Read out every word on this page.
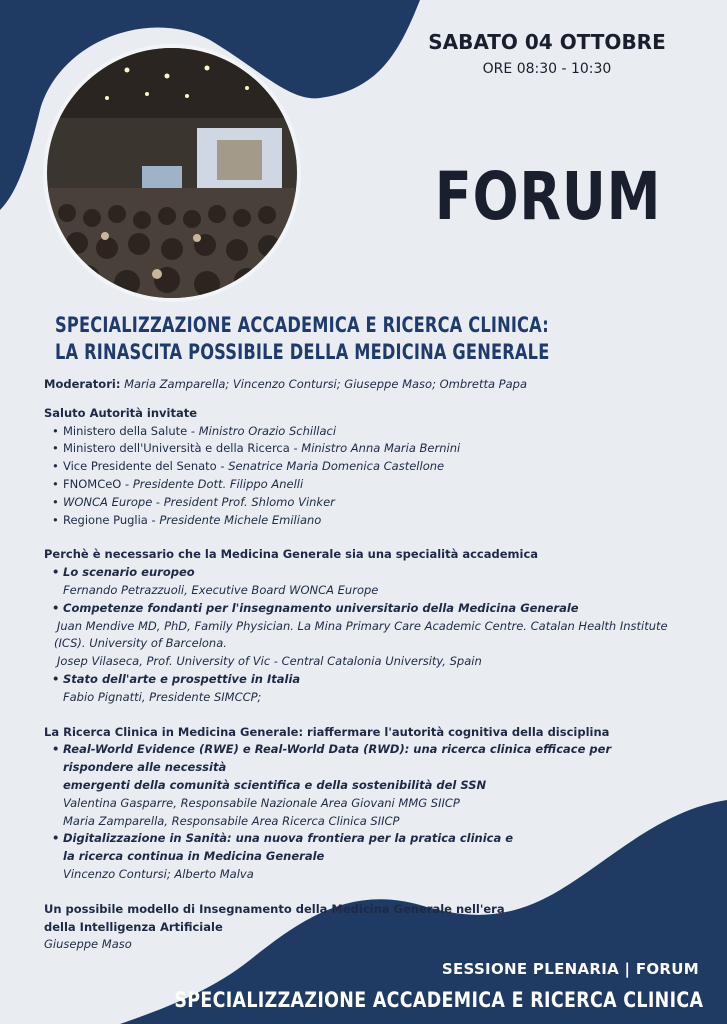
SABATO 04 OTTOBRE
ORE 08:30 - 10:30
FORUM
SPECIALIZZAZIONE ACCADEMICA E RICERCA CLINICA:
LA RINASCITA POSSIBILE DELLA MEDICINA GENERALE

Moderatori: Maria Zamparella; Vincenzo Contursi; Giuseppe Maso; Ombretta Papa

Saluto Autorità invitate

• Ministero della Salute - Ministro Orazio Schillaci
• Ministero dell'Università e della Ricerca - Ministro Anna Maria Bernini
• Vice Presidente del Senato - Senatrice Maria Domenica Castellone
• FNOMCeO - Presidente Dott. Filippo Anelli
• WONCA Europe - President Prof. Shlomo Vinker
• Regione Puglia - Presidente Michele Emiliano

Perchè è necessario che la Medicina Generale sia una specialità accademica

• Lo scenario europeo
Fernando Petrazzuoli, Executive Board WONCA Europe
• Competenze fondanti per l'insegnamento universitario della Medicina Generale
Juan Mendive MD, PhD, Family Physician. La Mina Primary Care Academic Centre. Catalan Health Institute
(ICS). University of Barcelona.
Josep Vilaseca, Prof. University of Vic - Central Catalonia University, Spain
• Stato dell'arte e prospettive in Italia
Fabio Pignatti, Presidente SIMCCP;

La Ricerca Clinica in Medicina Generale: riaffermare l'autorità cognitiva della disciplina

• Real-World Evidence (RWE) e Real-World Data (RWD): una ricerca clinica efficace per rispondere alle necessità
emergenti della comunità scientifica e della sostenibilità del SSN
Valentina Gasparre, Responsabile Nazionale Area Giovani MMG SIICP
Maria Zamparella, Responsabile Area Ricerca Clinica SIICP
• Digitalizzazione in Sanità: una nuova frontiera per la pratica clinica e
la ricerca continua in Medicina Generale
Vincenzo Contursi; Alberto Malva

Un possibile modello di Insegnamento della Medicina Generale nell'era

della Intelligenza Artificiale

Giuseppe Maso

SESSIONE PLENARIA | FORUM
SPECIALIZZAZIONE ACCADEMICA E RICERCA CLINICA
